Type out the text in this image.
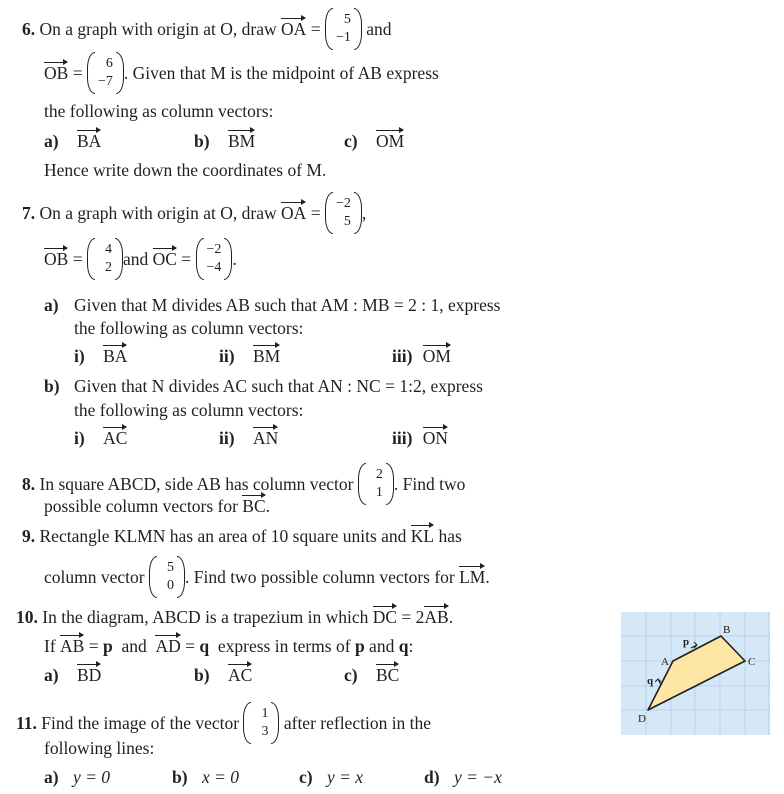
6.
On a graph with origin at O, draw
OA = 5
−1
and
OB = 6
−7 . Given that M is the midpoint of AB express
the following as column vectors:
a) BA	b) BM	c) OM
Hence write down the coordinates of M.
7.
On a graph with origin at O, draw
OA = −2
5 ,
OB = 4
2 and
OC = −2
−4 .
a) Given that M divides AB such that AM : MB = 2 : 1, express
the following as column vectors:
i) BA	ii) BM	iii) OM
b) Given that N divides AC such that AN : NC = 1:2, express
the following as column vectors:
i) AC	ii) AN	iii) ON
8.
In square ABCD, side AB has column vector
2
1 . Find two
possible column vectors for BC.
9. Rectangle KLMN has an area of 10 square units and KL has
column vector
5
0 . Find two possible column vectors for
LM .
10. In the diagram, ABCD is a trapezium in which DC = 2AB.
If AB = p and AD = q express in terms of p and q:
a) BD	b) AC	c) BC
A
B
C
D
p
q
11.
Find the image of the vector
1
3
after reflection in the
following lines:
a) y = 0	b) x = 0	c) y = x	d) y = −x
